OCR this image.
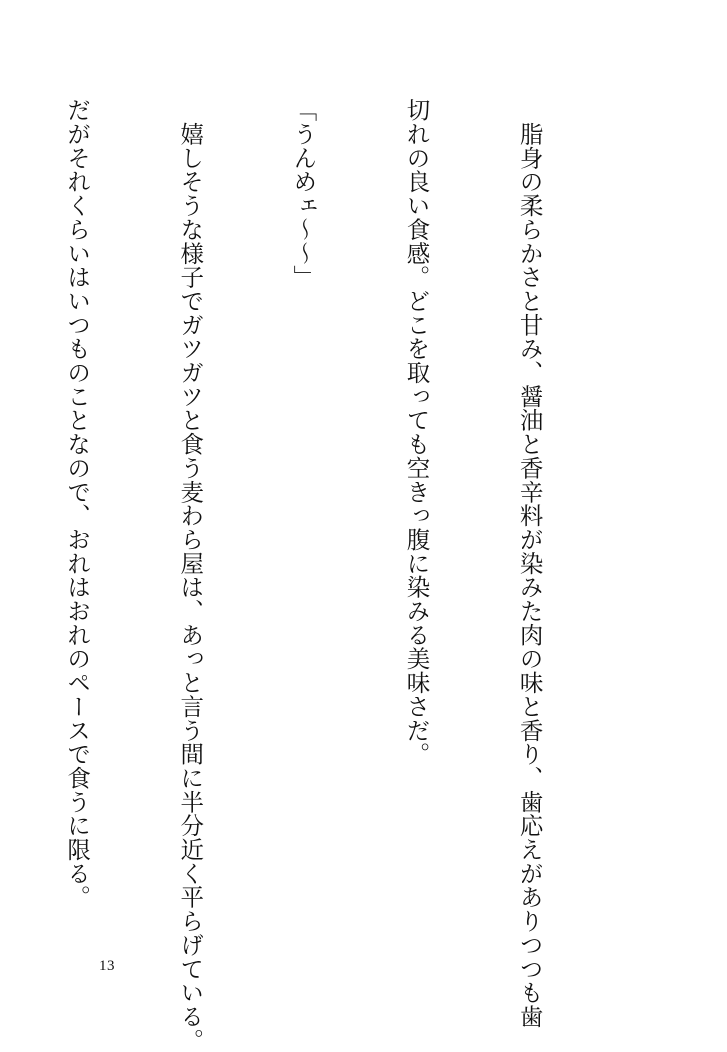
　脂身の柔らかさと甘み、醤油と香辛料が染みた肉の味と香り、歯応えがありつつも歯

切れの良い食感。どこを取っても空きっ腹に染みる美味さだ。

「うんめェ～～」

　嬉しそうな様子でガツガツと食う麦わら屋は、あっと言う間に半分近く平らげている。

だがそれくらいはいつものことなので、おれはおれのペースで食うに限る。

13
